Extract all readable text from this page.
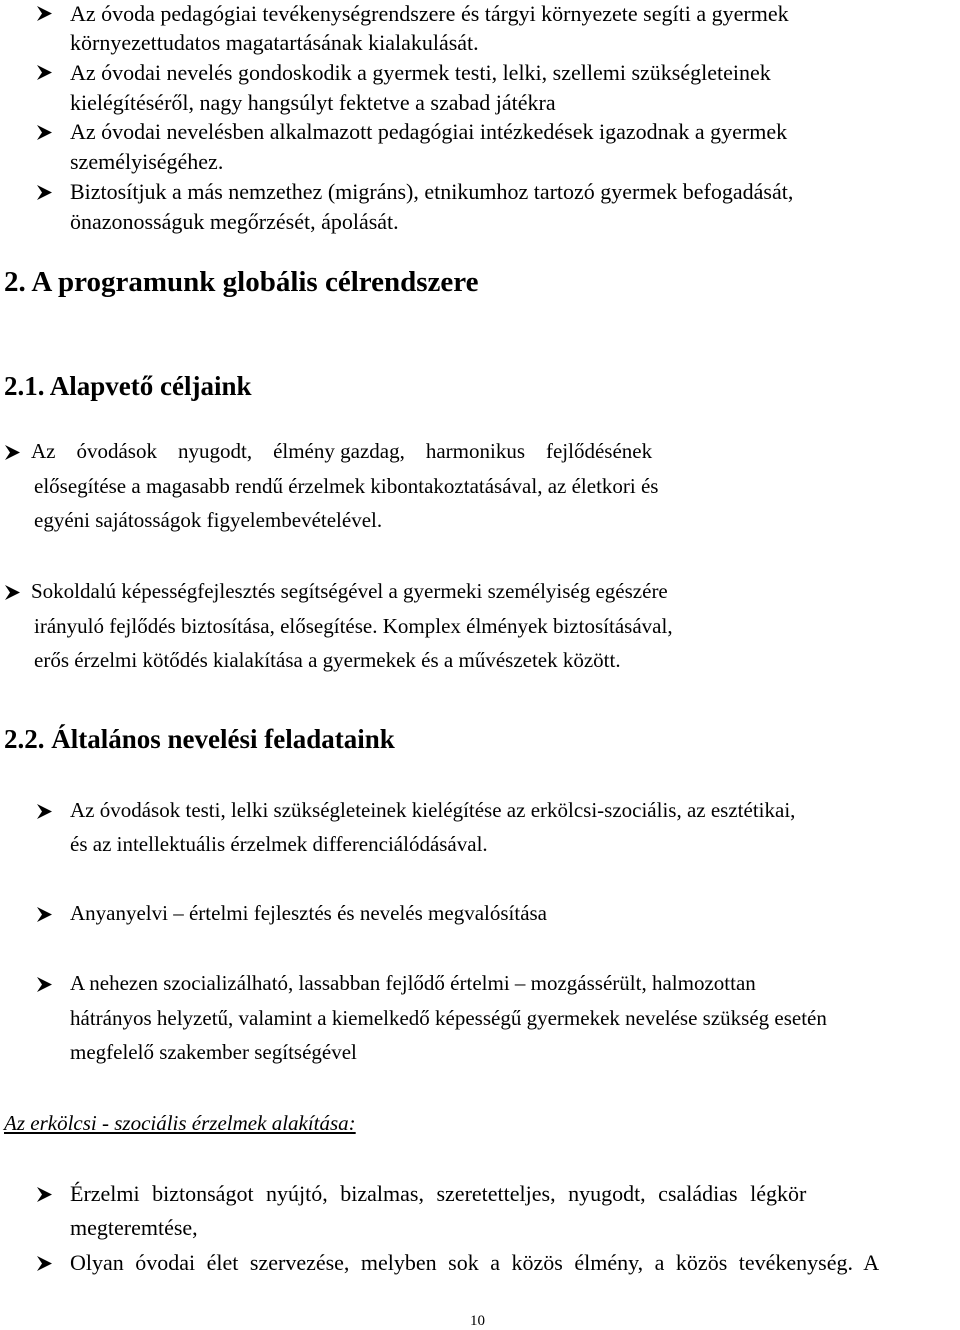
Az óvoda pedagógiai tevékenységrendszere és tárgyi környezete segíti a gyermek
környezettudatos magatartásának kialakulását.
Az óvodai nevelés gondoskodik a gyermek testi, lelki, szellemi szükségleteinek
kielégítéséről, nagy hangsúlyt fektetve a szabad játékra
Az óvodai nevelésben alkalmazott pedagógiai intézkedések igazodnak a gyermek
személyiségéhez.
Biztosítjuk a más nemzethez (migráns), etnikumhoz tartozó gyermek befogadását,
önazonosságuk megőrzését, ápolását.
2. A programunk globális célrendszere
2.1. Alapvető céljaink
Az    óvodások    nyugodt,    élmény gazdag,    harmonikus    fejlődésének
elősegítése a magasabb rendű érzelmek kibontakoztatásával, az életkori és
egyéni sajátosságok figyelembevételével.
Sokoldalú képességfejlesztés segítségével a gyermeki személyiség egészére
irányuló fejlődés biztosítása, elősegítése. Komplex élmények biztosításával,
erős érzelmi kötődés kialakítása a gyermekek és a művészetek között.
2.2. Általános nevelési feladataink
Az óvodások testi, lelki szükségleteinek kielégítése az erkölcsi-szociális, az esztétikai,
és az intellektuális érzelmek differenciálódásával.
Anyanyelvi – értelmi fejlesztés és nevelés megvalósítása
A nehezen szocializálható, lassabban fejlődő értelmi – mozgássérült, halmozottan
hátrányos helyzetű, valamint a kiemelkedő képességű gyermekek nevelése szükség esetén
megfelelő szakember segítségével
Az erkölcsi - szociális érzelmek alakítása:
Érzelmi biztonságot nyújtó, bizalmas, szeretetteljes, nyugodt, családias légkör
megteremtése,
Olyan óvodai élet szervezése, melyben sok a közös élmény, a közös tevékenység. A
10
